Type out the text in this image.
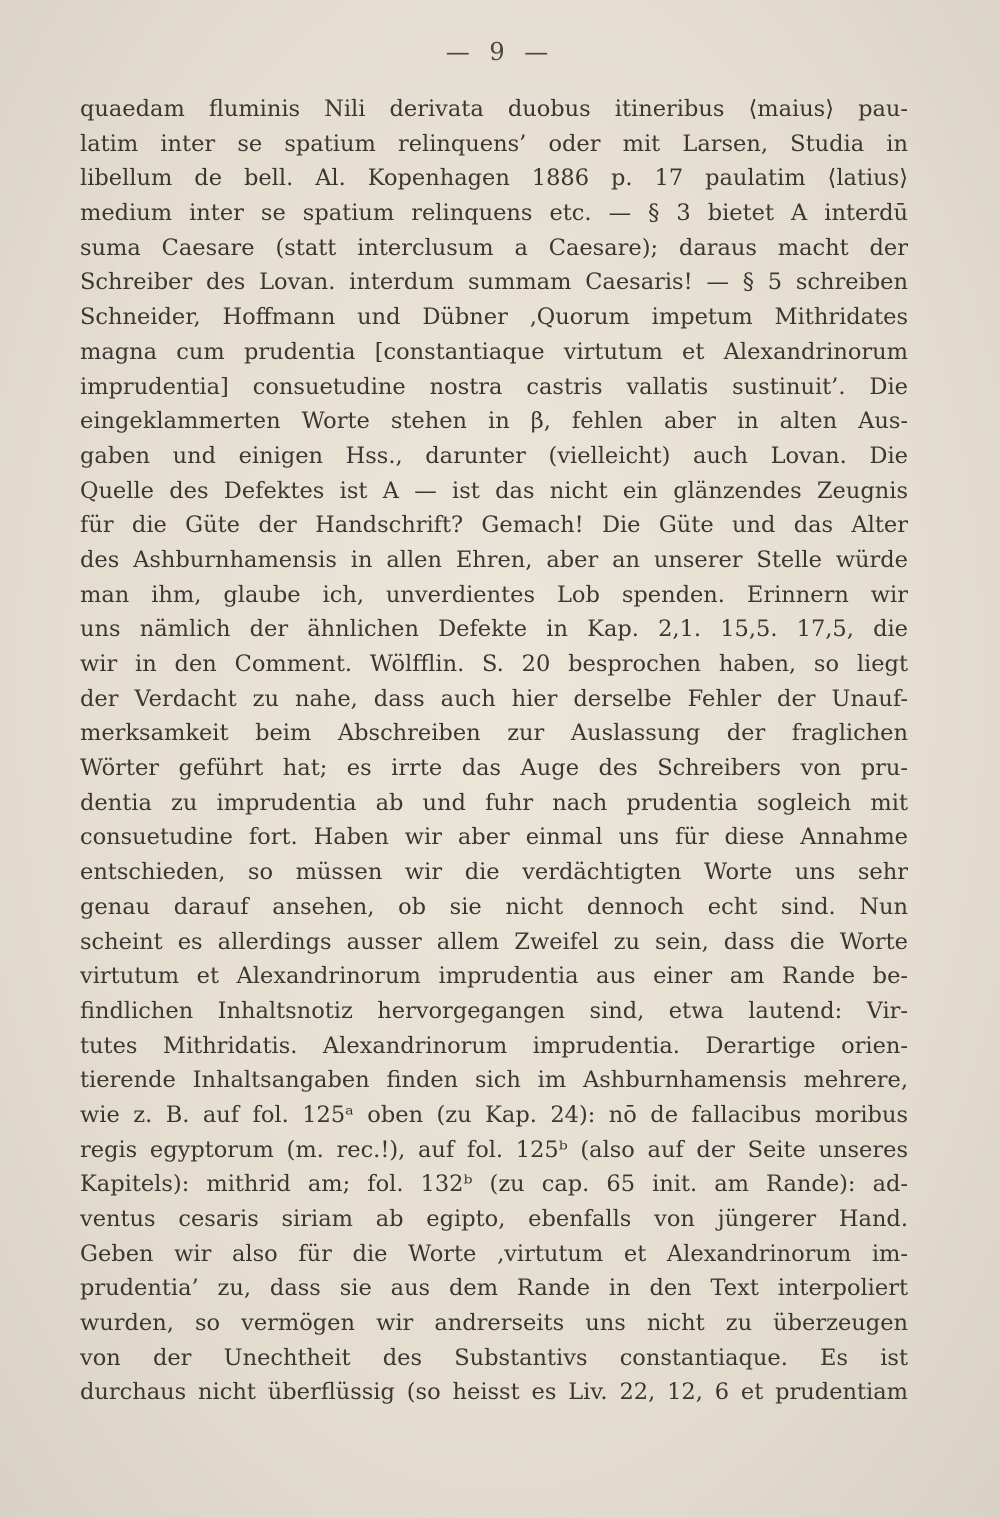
— 9 —
quaedam fluminis Nili derivata duobus itineribus ⟨maius⟩ pau-
latim inter se spatium relinquens’ oder mit Larsen, Studia in
libellum de bell. Al. Kopenhagen 1886 p. 17 paulatim ⟨latius⟩
medium inter se spatium relinquens etc. — § 3 bietet A interdū
suma Caesare (statt interclusum a Caesare); daraus macht der
Schreiber des Lovan. interdum summam Caesaris! — § 5 schreiben
Schneider, Hoffmann und Dübner ‚Quorum impetum Mithridates
magna cum prudentia [constantiaque virtutum et Alexandrinorum
imprudentia] consuetudine nostra castris vallatis sustinuit’. Die
eingeklammerten Worte stehen in β, fehlen aber in alten Aus-
gaben und einigen Hss., darunter (vielleicht) auch Lovan. Die
Quelle des Defektes ist A — ist das nicht ein glänzendes Zeugnis
für die Güte der Handschrift? Gemach! Die Güte und das Alter
des Ashburnhamensis in allen Ehren, aber an unserer Stelle würde
man ihm, glaube ich, unverdientes Lob spenden. Erinnern wir
uns nämlich der ähnlichen Defekte in Kap. 2,1. 15,5. 17,5, die
wir in den Comment. Wölfflin. S. 20 besprochen haben, so liegt
der Verdacht zu nahe, dass auch hier derselbe Fehler der Unauf-
merksamkeit beim Abschreiben zur Auslassung der fraglichen
Wörter geführt hat; es irrte das Auge des Schreibers von pru-
dentia zu imprudentia ab und fuhr nach prudentia sogleich mit
consuetudine fort. Haben wir aber einmal uns für diese Annahme
entschieden, so müssen wir die verdächtigten Worte uns sehr
genau darauf ansehen, ob sie nicht dennoch echt sind. Nun
scheint es allerdings ausser allem Zweifel zu sein, dass die Worte
virtutum et Alexandrinorum imprudentia aus einer am Rande be-
findlichen Inhaltsnotiz hervorgegangen sind, etwa lautend: Vir-
tutes Mithridatis. Alexandrinorum imprudentia. Derartige orien-
tierende Inhaltsangaben finden sich im Ashburnhamensis mehrere,
wie z. B. auf fol. 125ᵃ oben (zu Kap. 24): nō de fallacibus moribus
regis egyptorum (m. rec.!), auf fol. 125ᵇ (also auf der Seite unseres
Kapitels): mithrid am; fol. 132ᵇ (zu cap. 65 init. am Rande): ad-
ventus cesaris siriam ab egipto, ebenfalls von jüngerer Hand.
Geben wir also für die Worte ‚virtutum et Alexandrinorum im-
prudentia’ zu, dass sie aus dem Rande in den Text interpoliert
wurden, so vermögen wir andrerseits uns nicht zu überzeugen
von der Unechtheit des Substantivs constantiaque. Es ist
durchaus nicht überflüssig (so heisst es Liv. 22, 12, 6 et prudentiam
